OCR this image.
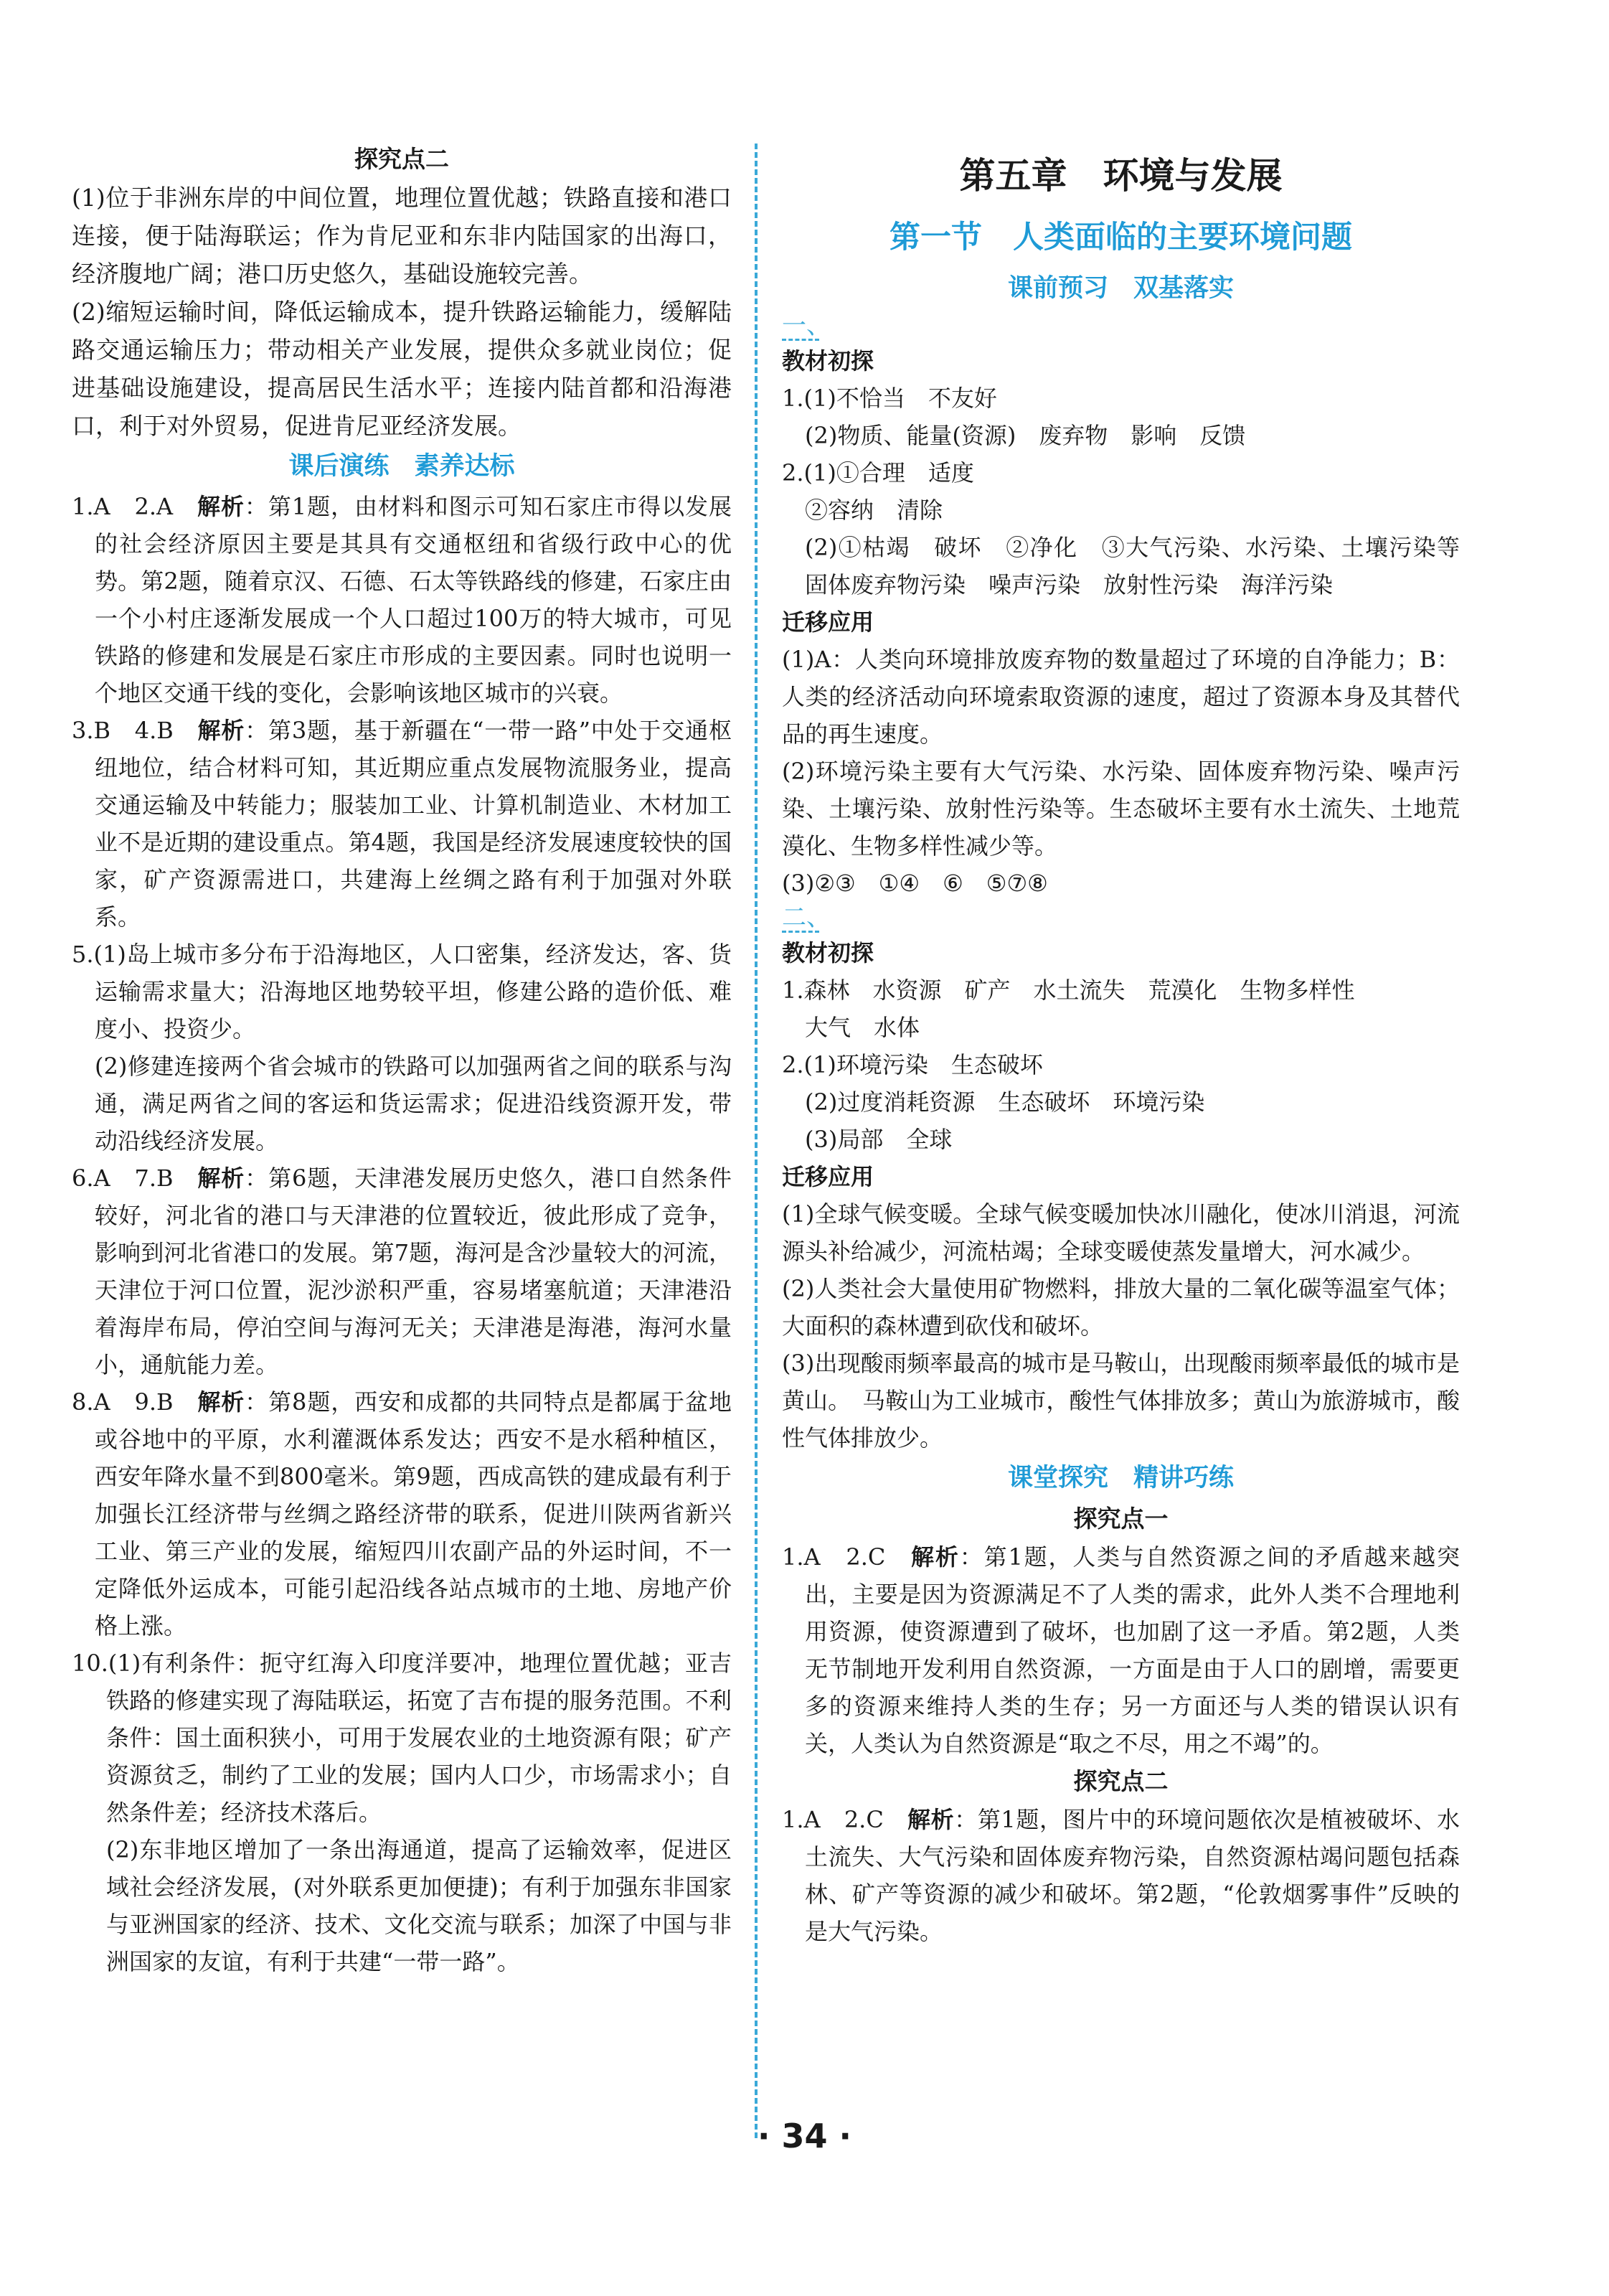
探究点二

(1)位于非洲东岸的中间位置，地理位置优越；铁路直接和港口连接，便于陆海联运；作为肯尼亚和东非内陆国家的出海口，经济腹地广阔；港口历史悠久，基础设施较完善。

(2)缩短运输时间，降低运输成本，提升铁路运输能力，缓解陆路交通运输压力；带动相关产业发展，提供众多就业岗位；促进基础设施建设，提高居民生活水平；连接内陆首都和沿海港口，利于对外贸易，促进肯尼亚经济发展。

课后演练　素养达标

1.A　2.A　解析：第1题，由材料和图示可知石家庄市得以发展的社会经济原因主要是其具有交通枢纽和省级行政中心的优势。第2题，随着京汉、石德、石太等铁路线的修建，石家庄由一个小村庄逐渐发展成一个人口超过100万的特大城市，可见铁路的修建和发展是石家庄市形成的主要因素。同时也说明一个地区交通干线的变化，会影响该地区城市的兴衰。

3.B　4.B　解析：第3题，基于新疆在“一带一路”中处于交通枢纽地位，结合材料可知，其近期应重点发展物流服务业，提高交通运输及中转能力；服装加工业、计算机制造业、木材加工业不是近期的建设重点。第4题，我国是经济发展速度较快的国家，矿产资源需进口，共建海上丝绸之路有利于加强对外联系。

5.(1)岛上城市多分布于沿海地区，人口密集，经济发达，客、货运输需求量大；沿海地区地势较平坦，修建公路的造价低、难度小、投资少。

(2)修建连接两个省会城市的铁路可以加强两省之间的联系与沟通，满足两省之间的客运和货运需求；促进沿线资源开发，带动沿线经济发展。

6.A　7.B　解析：第6题，天津港发展历史悠久，港口自然条件较好，河北省的港口与天津港的位置较近，彼此形成了竞争，影响到河北省港口的发展。第7题，海河是含沙量较大的河流，天津位于河口位置，泥沙淤积严重，容易堵塞航道；天津港沿着海岸布局，停泊空间与海河无关；天津港是海港，海河水量小，通航能力差。

8.A　9.B　解析：第8题，西安和成都的共同特点是都属于盆地或谷地中的平原，水利灌溉体系发达；西安不是水稻种植区，西安年降水量不到800毫米。第9题，西成高铁的建成最有利于加强长江经济带与丝绸之路经济带的联系，促进川陕两省新兴工业、第三产业的发展，缩短四川农副产品的外运时间，不一定降低外运成本，可能引起沿线各站点城市的土地、房地产价格上涨。

10.(1)有利条件：扼守红海入印度洋要冲，地理位置优越；亚吉铁路的修建实现了海陆联运，拓宽了吉布提的服务范围。不利条件：国土面积狭小，可用于发展农业的土地资源有限；矿产资源贫乏，制约了工业的发展；国内人口少，市场需求小；自然条件差；经济技术落后。

(2)东非地区增加了一条出海通道，提高了运输效率，促进区域社会经济发展，(对外联系更加便捷)；有利于加强东非国家与亚洲国家的经济、技术、文化交流与联系；加深了中国与非洲国家的友谊，有利于共建“一带一路”。

第五章　环境与发展

第一节　人类面临的主要环境问题

课前预习　双基落实

一、

教材初探

1.(1)不恰当　不友好

(2)物质、能量(资源)　废弃物　影响　反馈

2.(1)①合理　适度

②容纳　清除

(2)①枯竭　破坏　②净化　③大气污染、水污染、土壤污染等　固体废弃物污染　噪声污染　放射性污染　海洋污染

迁移应用

(1)A：人类向环境排放废弃物的数量超过了环境的自净能力；B：人类的经济活动向环境索取资源的速度，超过了资源本身及其替代品的再生速度。

(2)环境污染主要有大气污染、水污染、固体废弃物污染、噪声污染、土壤污染、放射性污染等。生态破坏主要有水土流失、土地荒漠化、生物多样性减少等。

(3)②③　①④　⑥　⑤⑦⑧

二、

教材初探

1.森林　水资源　矿产　水土流失　荒漠化　生物多样性

大气　水体

2.(1)环境污染　生态破坏

(2)过度消耗资源　生态破坏　环境污染

(3)局部　全球

迁移应用

(1)全球气候变暖。全球气候变暖加快冰川融化，使冰川消退，河流源头补给减少，河流枯竭；全球变暖使蒸发量增大，河水减少。

(2)人类社会大量使用矿物燃料，排放大量的二氧化碳等温室气体；大面积的森林遭到砍伐和破坏。

(3)出现酸雨频率最高的城市是马鞍山，出现酸雨频率最低的城市是黄山。　马鞍山为工业城市，酸性气体排放多；黄山为旅游城市，酸性气体排放少。

课堂探究　精讲巧练

探究点一

1.A　2.C　解析：第1题，人类与自然资源之间的矛盾越来越突出，主要是因为资源满足不了人类的需求，此外人类不合理地利用资源，使资源遭到了破坏，也加剧了这一矛盾。第2题，人类无节制地开发利用自然资源，一方面是由于人口的剧增，需要更多的资源来维持人类的生存；另一方面还与人类的错误认识有关，人类认为自然资源是“取之不尽，用之不竭”的。

探究点二

1.A　2.C　解析：第1题，图片中的环境问题依次是植被破坏、水土流失、大气污染和固体废弃物污染，自然资源枯竭问题包括森林、矿产等资源的减少和破坏。第2题，“伦敦烟雾事件”反映的是大气污染。

· 34 ·
